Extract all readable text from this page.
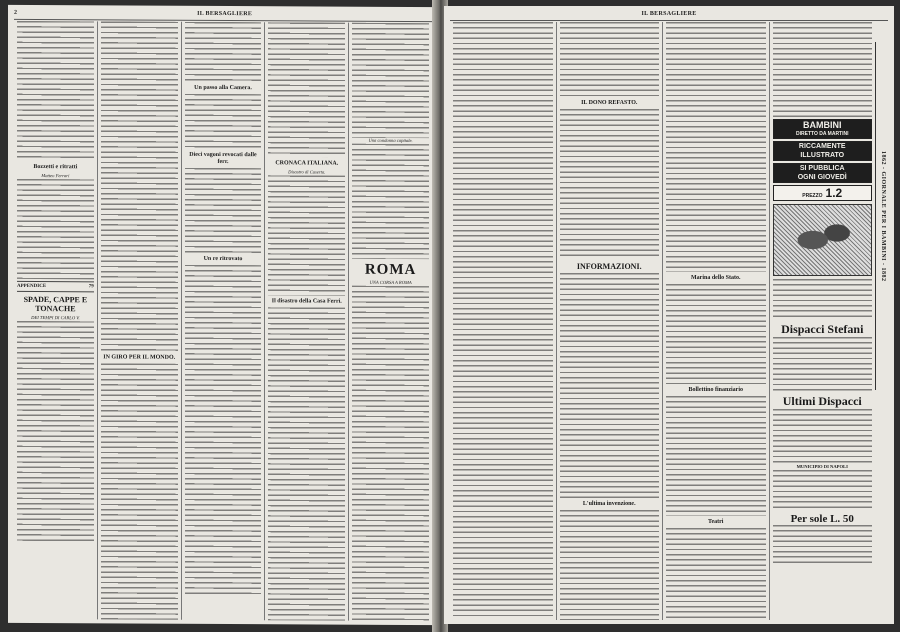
2	IL BERSAGLIERE
Bozzetti e ritratti
Matteo Ferrari
APPENDICE	79
SPADE, CAPPE E TONACHE
DEI TEMPI DI CARLO V.
IN GIRO PER IL MONDO.
Un passo alla Camera.
Dieci vagoni revocati dalle ferr.
Un re ritrovato
CRONACA ITALIANA.
Disastro di Caserta.
Il disastro della Casa Ferri.
Una condanna capitale.
ROMA
UNA CORSA A ROMA
IL BERSAGLIERE
IL DONO REFASTO.
INFORMAZIONI.
L'ultima invenzione.
Marina dello Stato.
Bollettino finanziario
Teatri
BAMBINI
DIRETTO DA MARTINI
RICCAMENTE
ILLUSTRATO
SI PUBBLICA
OGNI GIOVEDÌ
PREZZO 1.2
Dispacci Stefani
Ultimi Dispacci
MUNICIPIO DI NAPOLI
Per sole L. 50
1862 - GIORNALE PER I BAMBINI - 1882
